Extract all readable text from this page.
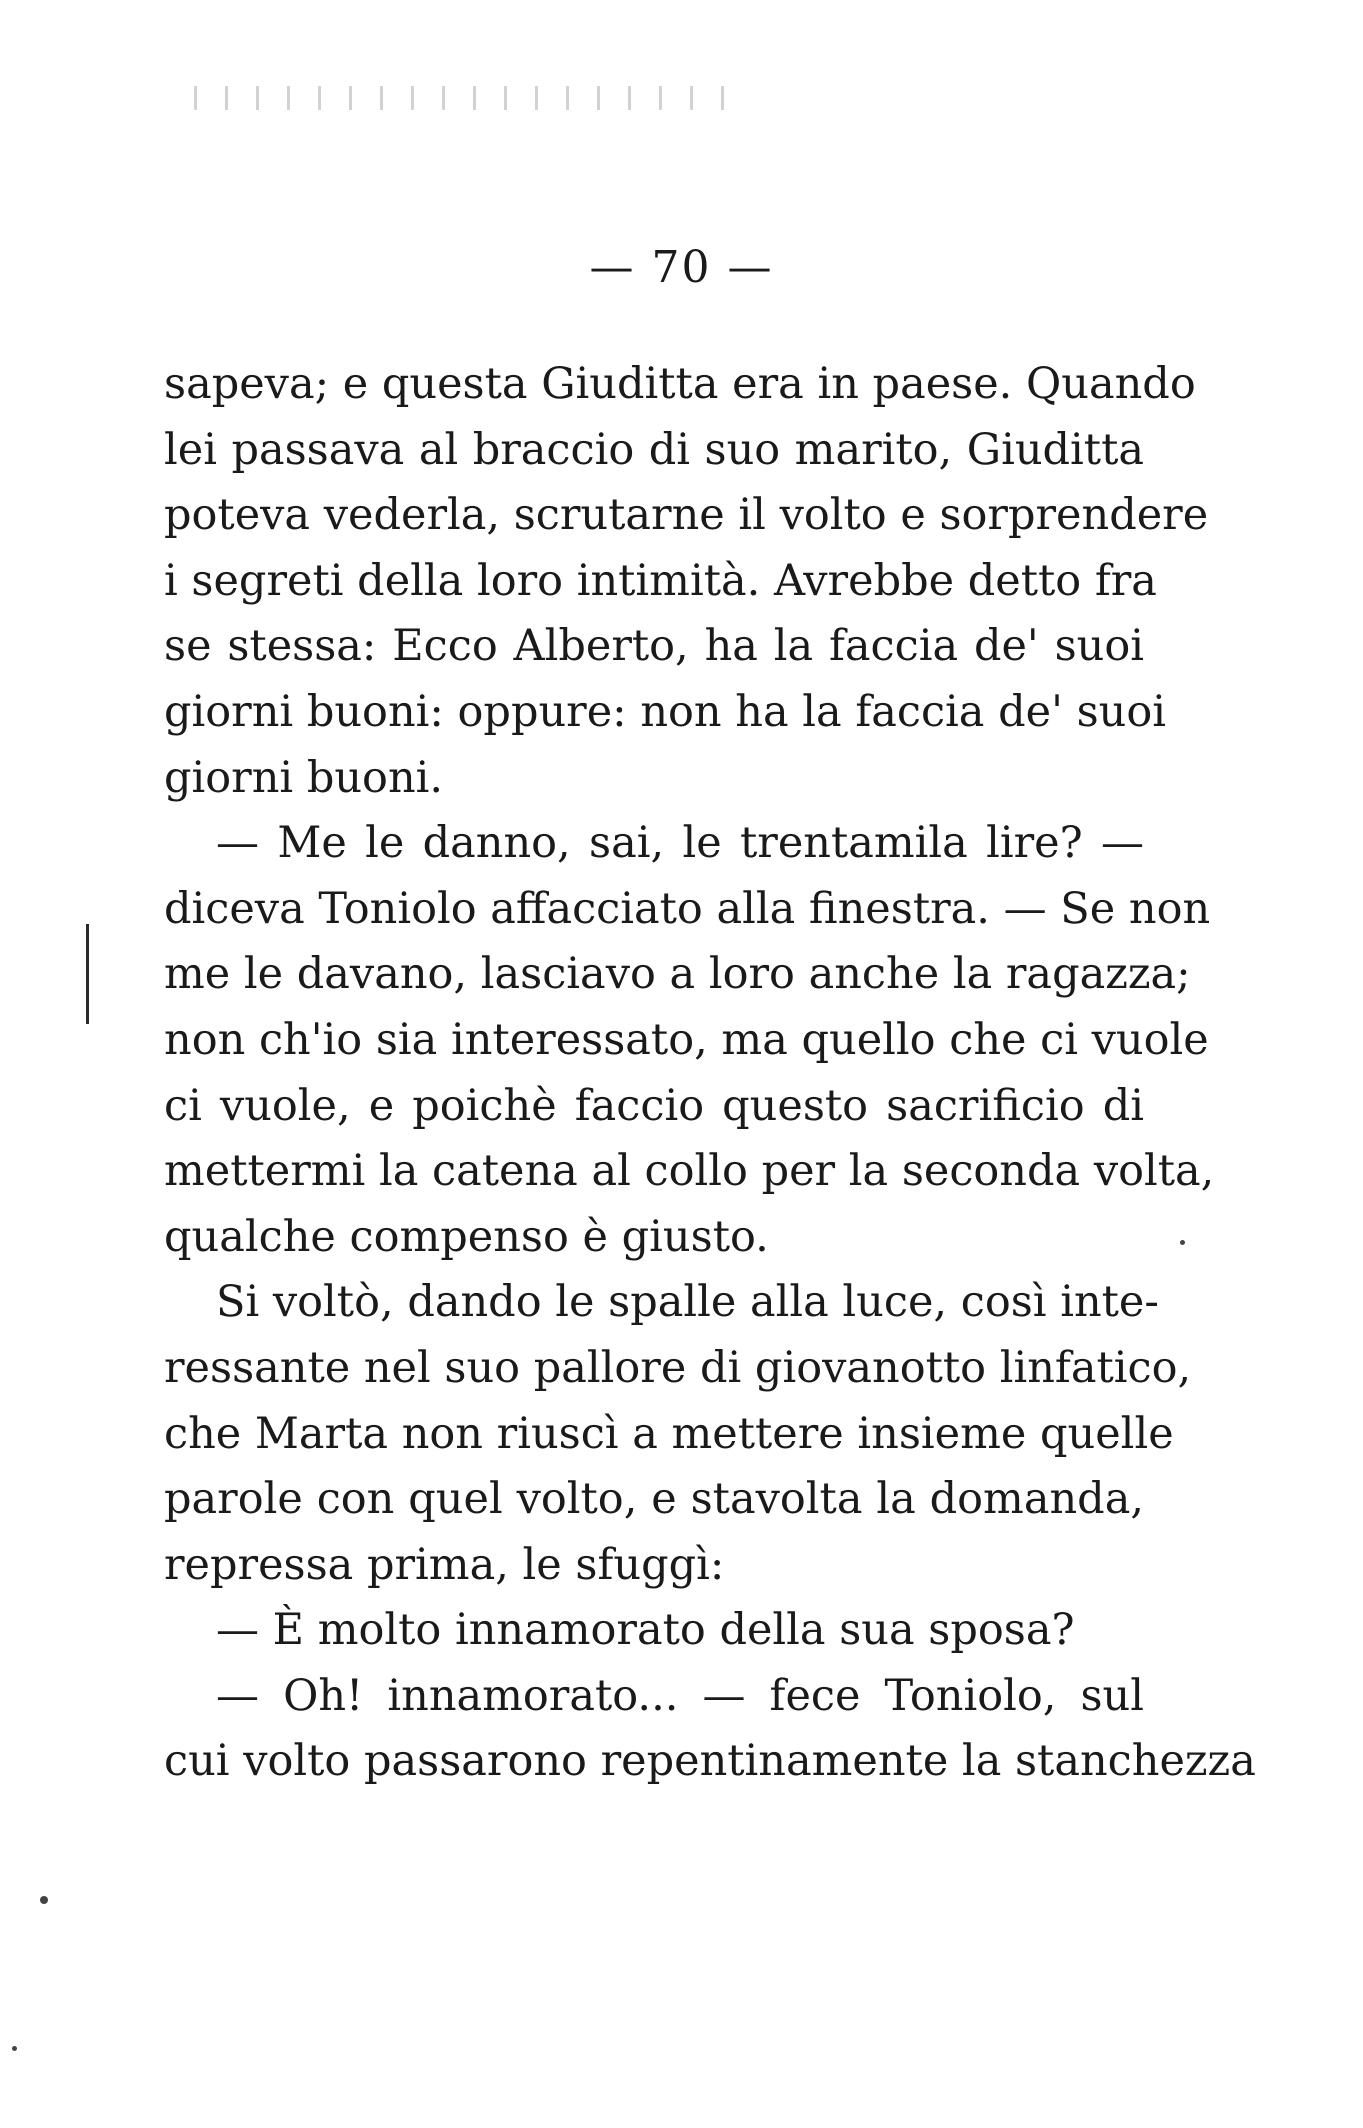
— 70 —
sapeva; e questa Giuditta era in paese. Quando
lei passava al braccio di suo marito, Giuditta
poteva vederla, scrutarne il volto e sorprendere
i segreti della loro intimità. Avrebbe detto fra
se stessa: Ecco Alberto, ha la faccia de' suoi
giorni buoni: oppure: non ha la faccia de' suoi
giorni buoni.
— Me le danno, sai, le trentamila lire? —
diceva Toniolo affacciato alla finestra. — Se non
me le davano, lasciavo a loro anche la ragazza;
non ch'io sia interessato, ma quello che ci vuole
ci vuole, e poichè faccio questo sacrificio di
mettermi la catena al collo per la seconda volta,
qualche compenso è giusto.
Si voltò, dando le spalle alla luce, così inte-
ressante nel suo pallore di giovanotto linfatico,
che Marta non riuscì a mettere insieme quelle
parole con quel volto, e stavolta la domanda,
repressa prima, le sfuggì:
— È molto innamorato della sua sposa?
— Oh! innamorato... — fece Toniolo, sul
cui volto passarono repentinamente la stanchezza
